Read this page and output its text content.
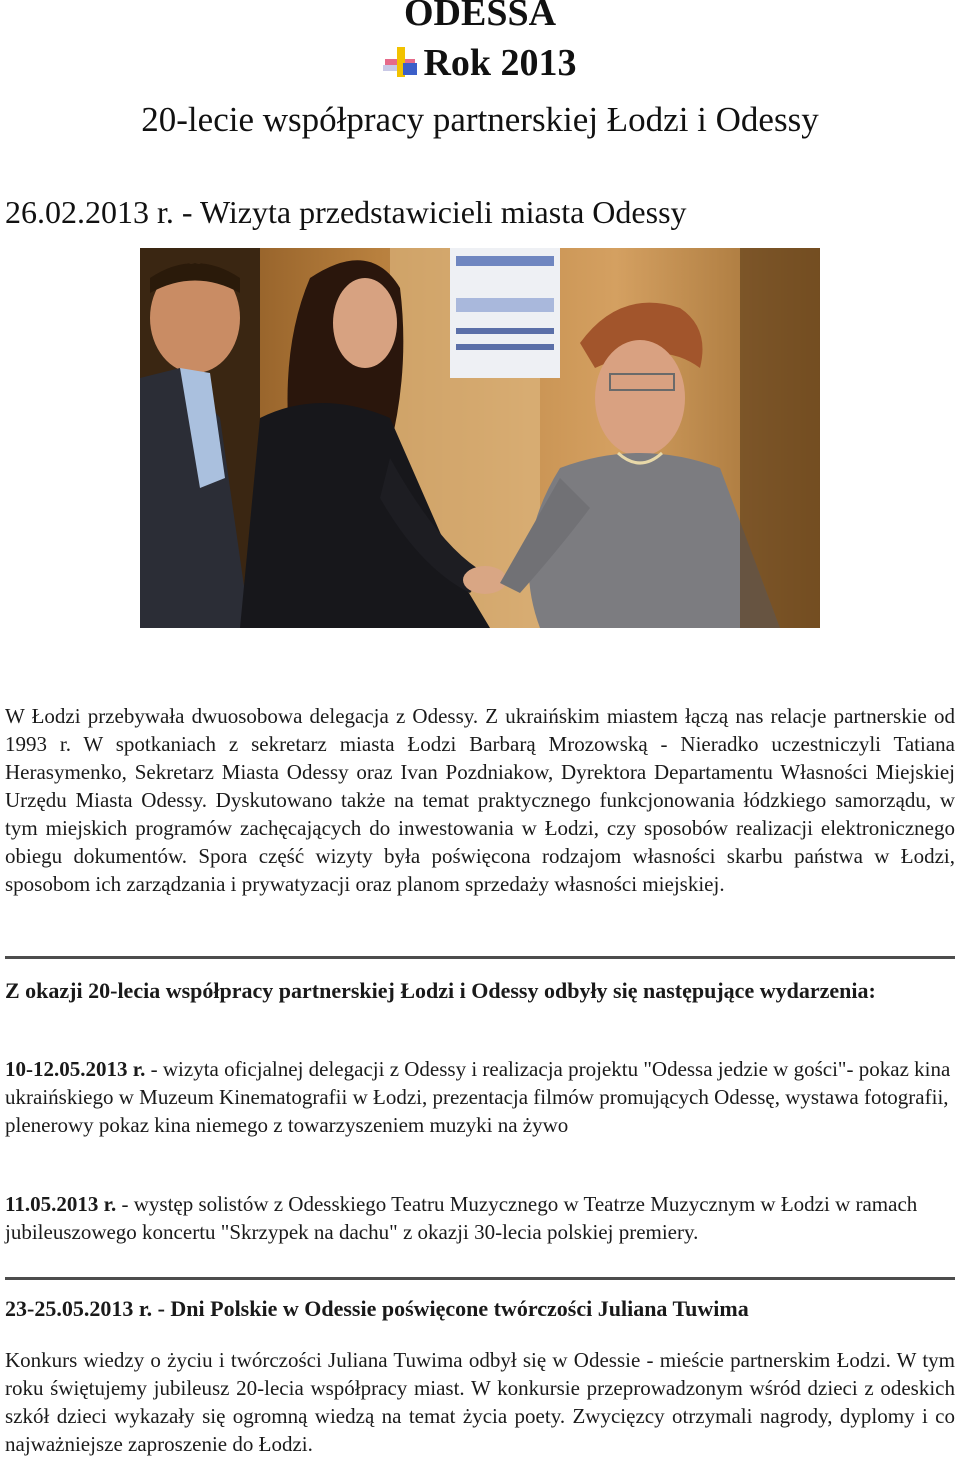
ODESSA
Rok 2013
20-lecie współpracy partnerskiej Łodzi i Odessy
26.02.2013 r. - Wizyta przedstawicieli miasta Odessy

W Łodzi przebywała dwuosobowa delegacja z Odessy. Z ukraińskim miastem łączą nas relacje partnerskie od 1993 r. W spotkaniach z sekretarz miasta Łodzi Barbarą Mrozowską - Nieradko uczestniczyli Tatiana Herasymenko, Sekretarz Miasta Odessy oraz Ivan Pozdniakow, Dyrektora Departamentu Własności Miejskiej Urzędu Miasta Odessy. Dyskutowano także na temat praktycznego funkcjonowania łódzkiego samorządu, w tym miejskich programów zachęcających do inwestowania w Łodzi, czy sposobów realizacji elektronicznego obiegu dokumentów. Spora część wizyty była poświęcona rodzajom własności skarbu państwa w Łodzi, sposobom ich zarządzania i prywatyzacji oraz planom sprzedaży własności miejskiej.

Z okazji 20-lecia współpracy partnerskiej Łodzi i Odessy odbyły się następujące wydarzenia:

10-12.05.2013 r. - wizyta oficjalnej delegacji z Odessy i realizacja projektu "Odessa jedzie w gości"- pokaz kina ukraińskiego w Muzeum Kinematografii w Łodzi, prezentacja filmów promujących Odessę, wystawa fotografii, plenerowy pokaz kina niemego z towarzyszeniem muzyki na żywo

11.05.2013 r. - występ solistów z Odesskiego Teatru Muzycznego w Teatrze Muzycznym w Łodzi w ramach jubileuszowego koncertu "Skrzypek na dachu" z okazji 30-lecia polskiej premiery.

23-25.05.2013 r. - Dni Polskie w Odessie poświęcone twórczości Juliana Tuwima

Konkurs wiedzy o życiu i twórczości Juliana Tuwima odbył się w Odessie - mieście partnerskim Łodzi. W tym roku świętujemy jubileusz 20-lecia współpracy miast. W konkursie przeprowadzonym wśród dzieci z odeskich szkół dzieci wykazały się ogromną wiedzą na temat życia poety. Zwycięzcy otrzymali nagrody, dyplomy i co najważniejsze zaproszenie do Łodzi.
